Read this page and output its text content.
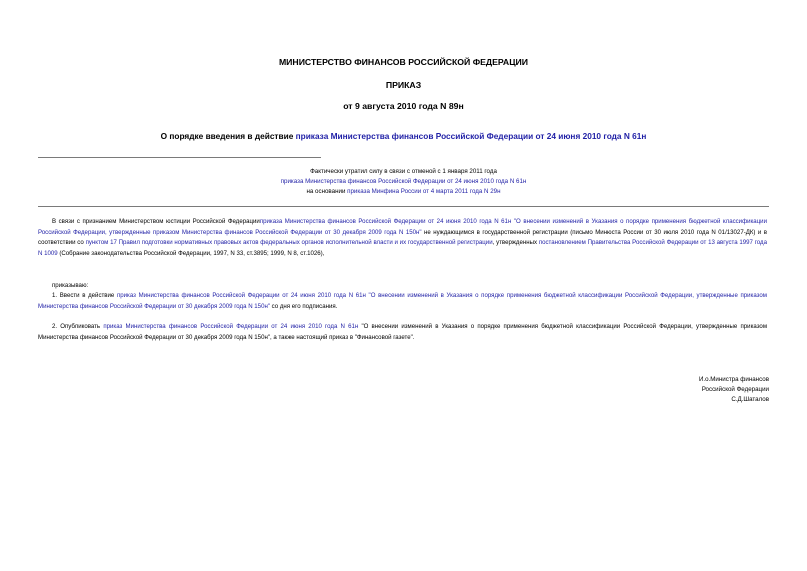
МИНИСТЕРСТВО ФИНАНСОВ РОССИЙСКОЙ ФЕДЕРАЦИИ
ПРИКАЗ
от 9 августа 2010 года N 89н
О порядке введения в действие приказа Министерства финансов Российской Федерации от 24 июня 2010 года N 61н
Фактически утратил силу в связи с отменой с 1 января 2011 года
приказа Министерства финансов Российской Федерации от 24 июня 2010 года N 61н
на основании приказа Минфина России от 4 марта 2011 года N 29н
В связи с признанием Министерством юстиции Российской Федерацииприказа Министерства финансов Российской Федерации от 24 июня 2010 года N 61н "О внесении изменений в Указания о порядке применения бюджетной классификации Российской Федерации, утвержденные приказом Министерства финансов Российской Федерации от 30 декабря 2009 года N 150н" не нуждающимся в государственной регистрации (письмо Минюста России от 30 июля 2010 года N 01/13027-ДК) и в соответствии со пунктом 17 Правил подготовки нормативных правовых актов федеральных органов исполнительной власти и их государственной регистрации, утвержденных постановлением Правительства Российской Федерации от 13 августа 1997 года N 1009 (Собрание законодательства Российской Федерации, 1997, N 33, ст.3895; 1999, N 8, ст.1026),
приказываю:
1. Ввести в действие приказ Министерства финансов Российской Федерации от 24 июня 2010 года N 61н "О внесении изменений в Указания о порядке применения бюджетной классификации Российской Федерации, утвержденные приказом Министерства финансов Российской Федерации от 30 декабря 2009 года N 150н" со дня его подписания.
2. Опубликовать приказ Министерства финансов Российской Федерации от 24 июня 2010 года N 61н "О внесении изменений в Указания о порядке применения бюджетной классификации Российской Федерации, утвержденные приказом Министерства финансов Российской Федерации от 30 декабря 2009 года N 150н", а также настоящий приказ в "Финансовой газете".
И.о.Министра финансов
Российской Федерации
С.Д.Шаталов
